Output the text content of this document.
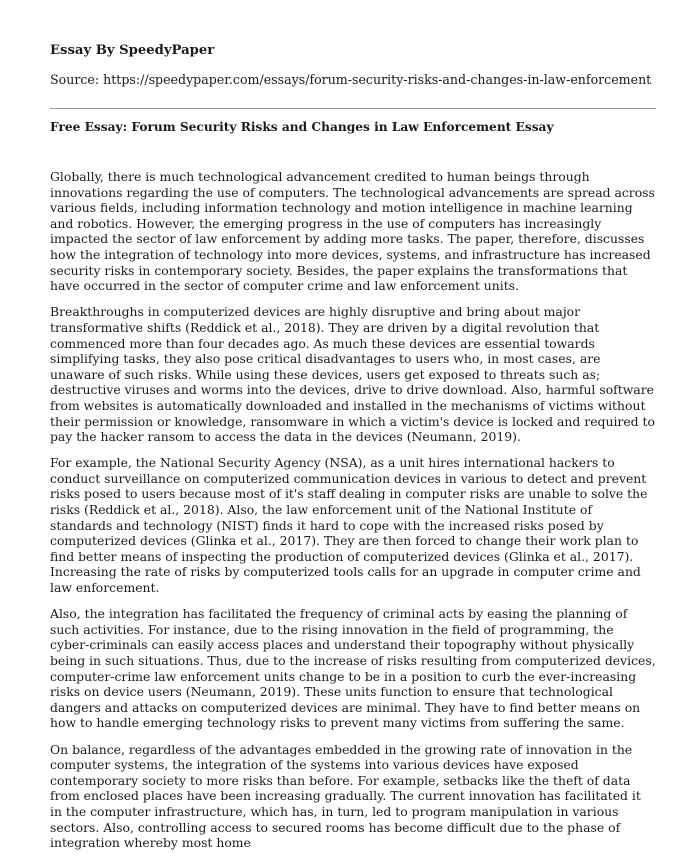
Essay By SpeedyPaper
Source: https://speedypaper.com/essays/forum-security-risks-and-changes-in-law-enforcement
Free Essay: Forum Security Risks and Changes in Law Enforcement Essay

Globally, there is much technological advancement credited to human beings through innovations regarding the use of computers. The technological advancements are spread across various fields, including information technology and motion intelligence in machine learning and robotics. However, the emerging progress in the use of computers has increasingly impacted the sector of law enforcement by adding more tasks. The paper, therefore, discusses how the integration of technology into more devices, systems, and infrastructure has increased security risks in contemporary society. Besides, the paper explains the transformations that have occurred in the sector of computer crime and law enforcement units.

Breakthroughs in computerized devices are highly disruptive and bring about major transformative shifts (Reddick et al., 2018). They are driven by a digital revolution that commenced more than four decades ago. As much these devices are essential towards simplifying tasks, they also pose critical disadvantages to users who, in most cases, are unaware of such risks. While using these devices, users get exposed to threats such as; destructive viruses and worms into the devices, drive to drive download. Also, harmful software from websites is automatically downloaded and installed in the mechanisms of victims without their permission or knowledge, ransomware in which a victim's device is locked and required to pay the hacker ransom to access the data in the devices (Neumann, 2019).

For example, the National Security Agency (NSA), as a unit hires international hackers to conduct surveillance on computerized communication devices in various to detect and prevent risks posed to users because most of it's staff dealing in computer risks are unable to solve the risks (Reddick et al., 2018). Also, the law enforcement unit of the National Institute of standards and technology (NIST) finds it hard to cope with the increased risks posed by computerized devices (Glinka et al., 2017). They are then forced to change their work plan to find better means of inspecting the production of computerized devices (Glinka et al., 2017). Increasing the rate of risks by computerized tools calls for an upgrade in computer crime and law enforcement.

Also, the integration has facilitated the frequency of criminal acts by easing the planning of such activities. For instance, due to the rising innovation in the field of programming, the cyber-criminals can easily access places and understand their topography without physically being in such situations. Thus, due to the increase of risks resulting from computerized devices, computer-crime law enforcement units change to be in a position to curb the ever-increasing risks on device users (Neumann, 2019). These units function to ensure that technological dangers and attacks on computerized devices are minimal. They have to find better means on how to handle emerging technology risks to prevent many victims from suffering the same.

On balance, regardless of the advantages embedded in the growing rate of innovation in the computer systems, the integration of the systems into various devices have exposed contemporary society to more risks than before. For example, setbacks like the theft of data from enclosed places have been increasing gradually. The current innovation has facilitated it in the computer infrastructure, which has, in turn, led to program manipulation in various sectors. Also, controlling access to secured rooms has become difficult due to the phase of integration whereby most home
